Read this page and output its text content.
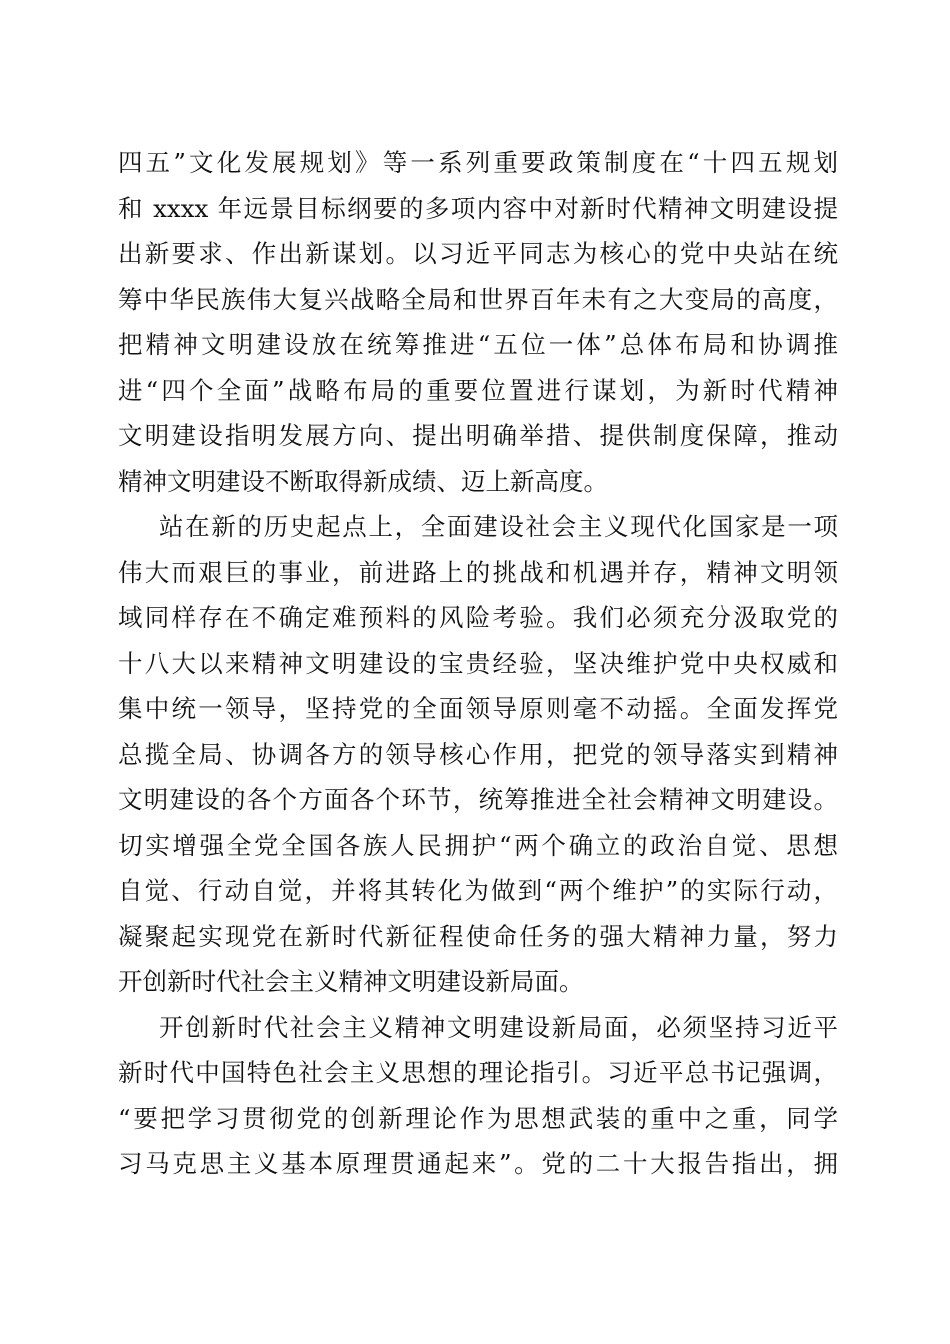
四五”文化发展规划》等一系列重要政策制度在“十四五规划
和 xxxx 年远景目标纲要的多项内容中对新时代精神文明建设提
出新要求、作出新谋划。以习近平同志为核心的党中央站在统
筹中华民族伟大复兴战略全局和世界百年未有之大变局的高度，
把精神文明建设放在统筹推进“五位一体”总体布局和协调推
进“四个全面”战略布局的重要位置进行谋划，为新时代精神
文明建设指明发展方向、提出明确举措、提供制度保障，推动
精神文明建设不断取得新成绩、迈上新高度。
站在新的历史起点上，全面建设社会主义现代化国家是一项
伟大而艰巨的事业，前进路上的挑战和机遇并存，精神文明领
域同样存在不确定难预料的风险考验。我们必须充分汲取党的
十八大以来精神文明建设的宝贵经验，坚决维护党中央权威和
集中统一领导，坚持党的全面领导原则毫不动摇。全面发挥党
总揽全局、协调各方的领导核心作用，把党的领导落实到精神
文明建设的各个方面各个环节，统筹推进全社会精神文明建设。
切实增强全党全国各族人民拥护“两个确立的政治自觉、思想
自觉、行动自觉，并将其转化为做到“两个维护”的实际行动，
凝聚起实现党在新时代新征程使命任务的强大精神力量，努力
开创新时代社会主义精神文明建设新局面。
开创新时代社会主义精神文明建设新局面，必须坚持习近平
新时代中国特色社会主义思想的理论指引。习近平总书记强调，
“要把学习贯彻党的创新理论作为思想武装的重中之重，同学
习马克思主义基本原理贯通起来”。党的二十大报告指出，拥
